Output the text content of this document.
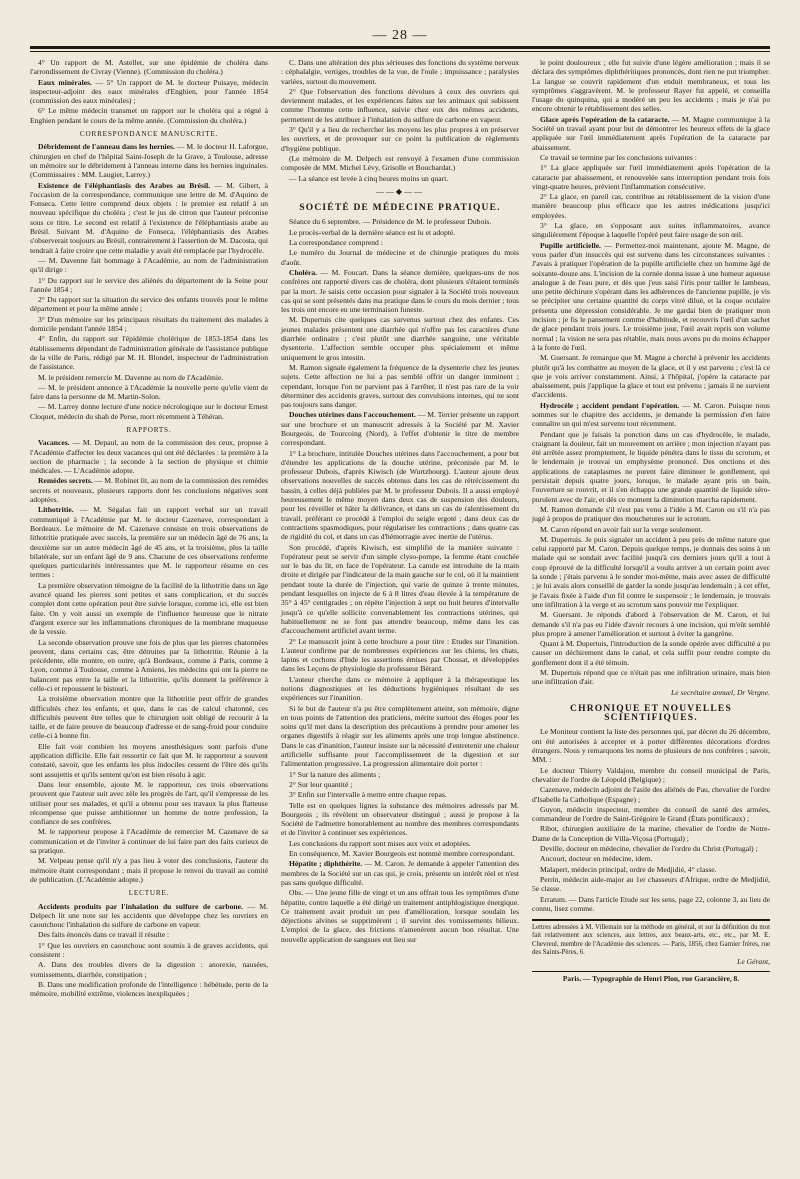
— 28 —

4° Un rapport de M. Astellet, sur une épidémie de choléra dans l'arrondissement de Civray (Vienne). (Commission du choléra.)

Eaux minérales. — 5° Un rapport de M. le docteur Puisaye, médecin inspecteur-adjoint des eaux minérales d'Enghien, pour l'année 1854 (commission des eaux minérales) ;

6° Le même médecin transmet un rapport sur le choléra qui a régné à Enghien pendant le cours de la même année. (Commission du choléra.)

CORRESPONDANCE MANUSCRITE.

Débridement de l'anneau dans les hernies. — M. le docteur H. Laforgue, chirurgien en chef de l'hôpital Saint-Joseph de la Grave, à Toulouse, adresse un mémoire sur le débridement à l'anneau interne dans les hernies inguinales. (Commissaires : MM. Laugier, Larrey.)

Existence de l'éléphantiasis des Arabes au Brésil. — M. Gibert, à l'occasion de la correspondance, communique une lettre de M. d'Aquino de Fonseca. Cette lettre comprend deux objets : le premier est relatif à un nouveau spécifique du choléra ; c'est le jus de citron que l'auteur préconise sous ce titre. Le second est relatif à l'existence de l'éléphantiasis arabe au Brésil. Suivant M. d'Aquino de Fonseca, l'éléphantiasis des Arabes s'observerait toujours au Brésil, contrairement à l'assertion de M. Dacosta, qui tendrait à faire croire que cette maladie y avait été remplacée par l'hydrocèle.

— M. Davenne fait hommage à l'Académie, au nom de l'administration qu'il dirige :

1° Du rapport sur le service des aliénés du département de la Seine pour l'année 1854 ;

2° Du rapport sur la situation du service des enfants trouvés pour le même département et pour la même année ;

3° D'un mémoire sur les principaux résultats du traitement des malades à domicile pendant l'année 1854 ;

4° Enfin, du rapport sur l'épidémie cholérique de 1853-1854 dans les établissements dépendant de l'administration générale de l'assistance publique de la ville de Paris, rédigé par M. H. Blondel, inspecteur de l'administration de l'assistance.

M. le président remercie M. Davenne au nom de l'Académie.

— M. le président annonce à l'Académie la nouvelle perte qu'elle vient de faire dans la personne de M. Martin-Solon.

— M. Larrey donne lecture d'une notice nécrologique sur le docteur Ernest Cloquet, médecin du shah de Perse, mort récemment à Téhéran.

RAPPORTS.

Vacances. — M. Depaul, au nom de la commission des ceux, propose à l'Académie d'affecter les deux vacances qui ont été déclarées : la première à la section de pharmacie ; la seconde à la section de physique et chimie médicales. — L'Académie adopte.

Remèdes secrets. — M. Robinet lit, au nom de la commission des remèdes secrets et nouveaux, plusieurs rapports dont les conclusions négatives sont adoptées.

Lithotritie. — M. Ségalas fait un rapport verbal sur un travail communiqué à l'Académie par M. le docteur Cazenave, correspondant à Bordeaux. Le mémoire de M. Cazenave consiste en trois observations de lithotritie pratiquée avec succès, la première sur un médecin âgé de 76 ans, la deuxième sur un autre médecin âgé de 45 ans, et la troisième, plus la taille bilatérale, sur un enfant âgé de 9 ans. Chacune de ces observations renferme quelques particularités intéressantes que M. le rapporteur résume en ces termes :

La première observation témoigne de la facilité de la lithotritie dans un âge avancé quand les pierres sont petites et sans complication, et du succès complet dont cette opération peut être suivie lorsque, comme ici, elle est bien faite. On y voit aussi un exemple de l'influence heureuse que le nitrate d'argent exerce sur les inflammations chroniques de la membrane muqueuse de la vessie.

La seconde observation prouve une fois de plus que les pierres chatonnées peuvent, dans certains cas, être détruites par la lithotritie. Réunie à la précédente, elle montre, en outre, qu'à Bordeaux, comme à Paris, comme à Lyon, comme à Toulouse, comme à Amiens, les médecins qui ont la pierre ne balancent pas entre la taille et la lithotritie, qu'ils donnent la préférence à celle-ci et repoussent le bistouri.

La troisième observation montre que la lithotritie peut offrir de grandes difficultés chez les enfants, et que, dans le cas de calcul chatonné, ces difficultés peuvent être telles que le chirurgien soit obligé de recourir à la taille, et de faire preuve de beaucoup d'adresse et de sang-froid pour conduire celle-ci à bonne fin.

Elle fait voir combien les moyens anesthésiques sont parfois d'une application difficile. Elle fait ressortir ce fait que M. le rapporteur a souvent constaté, savoir, que les enfants les plus indociles cessent de l'être dès qu'ils sont assujettis et qu'ils sentent qu'on est bien résolu à agir.

Dans leur ensemble, ajoute M. le rapporteur, ces trois observations prouvent que l'auteur suit avec zèle les progrès de l'art, qu'il s'empresse de les utiliser pour ses malades, et qu'il a obtenu pour ses travaux la plus flatteuse récompense que puisse ambitionner un homme de notre profession, la confiance de ses confrères.

M. le rapporteur propose à l'Académie de remercier M. Cazenave de sa communication et de l'inviter à continuer de lui faire part des faits curieux de sa pratique.

M. Velpeau pense qu'il n'y a pas lieu à voter des conclusions, l'auteur du mémoire étant correspondant ; mais il propose le renvoi du travail au comité de publication. (L'Académie adopte.)

LECTURE.

Accidents produits par l'inhalation du sulfure de carbone. — M. Delpech lit une note sur les accidents que développe chez les ouvriers en caoutchouc l'inhalation du sulfure de carbone en vapeur.

Des faits énoncés dans ce travail il résulte :

1° Que les ouvriers en caoutchouc sont soumis à de graves accidents, qui consistent :

A. Dans des troubles divers de la digestion : anorexie, nausées, vomissements, diarrhée, constipation ;

B. Dans une modification profonde de l'intelligence : hébétude, perte de la mémoire, mobilité extrême, violences inexpliquées ;

C. Dans une altération des plus sérieuses des fonctions du système nerveux : céphalalgie, vertiges, troubles de la vue, de l'ouïe ; impuissance ; paralysies variées, surtout du mouvement.

2° Que l'observation des fonctions dévolues à ceux des ouvriers qui deviennent malades, et les expériences faites sur les animaux qui subissent comme l'homme cette influence, suivie chez eux des mêmes accidents, permettent de les attribuer à l'inhalation du sulfure de carbone en vapeur.

3° Qu'il y a lieu de rechercher les moyens les plus propres à en préserver les ouvriers, et de provoquer sur ce point la publication de règlements d'hygiène publique.

(Le mémoire de M. Delpech est renvoyé à l'examen d'une commission composée de MM. Michel Lévy, Grisolle et Bouchardat.)

— La séance est levée à cinq heures moins un quart.

——◆——
SOCIÉTÉ DE MÉDECINE PRATIQUE.

Séance du 6 septembre. — Présidence de M. le professeur Dubois.

Le procès-verbal de la dernière séance est lu et adopté.

La correspondance comprend :

Le numéro du Journal de médecine et de chirurgie pratiques du mois d'août.

Choléra. — M. Foucart. Dans la séance dernière, quelques-uns de nos confrères ont rapporté divers cas de choléra, dont plusieurs s'étaient terminés par la mort. Je saisis cette occasion pour signaler à la Société trois nouveaux cas qui se sont présentés dans ma pratique dans le cours du mois dernier ; tous les trois ont encore eu une terminaison funeste.

M. Dupertuis cite quelques cas survenus surtout chez des enfants. Ces jeunes malades présentent une diarrhée qui n'offre pas les caractères d'une diarrhée ordinaire ; c'est plutôt une diarrhée sanguine, une véritable dysenterie. L'affection semble occuper plus spécialement et même uniquement le gros intestin.

M. Ramon signale également la fréquence de la dysenterie chez les jeunes sujets. Cette affection ne lui a pas semblé offrir un danger imminent ; cependant, lorsque l'on ne parvient pas à l'arrêter, il n'est pas rare de la voir déterminer des accidents graves, surtout des convulsions internes, qui ne sont pas toujours sans danger.

Douches utérines dans l'accouchement. — M. Terrier présente un rapport sur une brochure et un manuscrit adressés à la Société par M. Xavier Bourgeois, de Tourcoing (Nord), à l'effet d'obtenir le titre de membre correspondant.

1° La brochure, intitulée Douches utérines dans l'accouchement, a pour but d'étendre les applications de la douche utérine, préconisée par M. le professeur Dubois, d'après Kiwisch (de Wurtzbourg). L'auteur ajoute deux observations nouvelles de succès obtenus dans les cas de rétrécissement du bassin, à celles déjà publiées par M. le professeur Dubois. Il a aussi employé heureusement le même moyen dans deux cas de suspension des douleurs, pour les réveiller et hâter la délivrance, et dans un cas de ralentissement du travail, préférant ce procédé à l'emploi du seigle ergoté ; dans deux cas de contractions spasmodiques, pour régulariser les contractions ; dans quatre cas de rigidité du col, et dans un cas d'hémorragie avec inertie de l'utérus.

Son procédé, d'après Kiwisch, est simplifié de la manière suivante : l'opérateur peut se servir d'un simple clyso-pompe, la femme étant couchée sur le bas du lit, en face de l'opérateur. La canule est introduite de la main droite et dirigée par l'indicateur de la main gauche sur le col, où il la maintient pendant toute la durée de l'injection, qui varie de quinze à trente minutes, pendant lesquelles on injecte de 6 à 8 litres d'eau élevée à la température de 35° à 45° centigrades ; on répète l'injection à sept ou huit heures d'intervalle jusqu'à ce qu'elle sollicite convenablement les contractions utérines, qui habituellement ne se font pas attendre beaucoup, même dans les cas d'accouchement artificiel avant terme.

2° Le manuscrit joint à cette brochure a pour titre : Etudes sur l'inanition. L'auteur confirme par de nombreuses expériences sur les chiens, les chats, lapins et cochons d'Inde les assertions émises par Chossat, et développées dans les Leçons de physiologie du professeur Bérard.

L'auteur cherche dans ce mémoire à appliquer à la thérapeutique les notions diagnostiques et les déductions hygiéniques résultant de ses expériences sur l'inanition.

Si le but de l'auteur n'a pu être complètement atteint, son mémoire, digne en tous points de l'attention des praticiens, mérite surtout des éloges pour les soins qu'il met dans la description des précautions à prendre pour amener les organes digestifs à réagir sur les aliments après une trop longue abstinence. Dans le cas d'inanition, l'auteur insiste sur la nécessité d'entretenir une chaleur artificielle suffisante pour l'accomplissement de la digestion et sur l'alimentation progressive. La progression alimentaire doit porter :

1° Sur la nature des aliments ;

2° Sur leur quantité ;

3° Enfin sur l'intervalle à mettre entre chaque repas.

Telle est en quelques lignes la substance des mémoires adressés par M. Bourgeois ; ils révèlent un observateur distingué ; aussi je propose à la Société de l'admettre honorablement au nombre des membres correspondants et de l'inviter à continuer ses expériences.

Les conclusions du rapport sont mises aux voix et adoptées.

En conséquence, M. Xavier Bourgeois est nommé membre correspondant.

Hépatite ; diphthérite. — M. Caron. Je demande à appeler l'attention des membres de la Société sur un cas qui, je crois, présente un intérêt réel et n'est pas sans quelque difficulté.

Obs. — Une jeune fille de vingt et un ans offrait tous les symptômes d'une hépatite, contre laquelle a été dirigé un traitement antiphlogistique énergique. Ce traitement avait produit un peu d'amélioration, lorsque soudain les déjections alvines se supprimèrent ; il survint des vomissements bilieux. L'emploi de la glace, des frictions n'amenèrent aucun bon résultat. Une nouvelle application de sangsues eut lieu sur

le point douloureux ; elle fut suivie d'une légère amélioration ; mais il se déclara des symptômes diphthéritiques prononcés, dont rien ne put triompher. La langue se couvrit rapidement d'un enduit membraneux, et tous les symptômes s'aggravèrent. M. le professeur Rayer fut appelé, et conseilla l'usage du quinquina, qui a modéré un peu les accidents ; mais je n'ai pu encore obtenir le rétablissement des selles.

Glace après l'opération de la cataracte. — M. Magne communique à la Société un travail ayant pour but de démontrer les heureux effets de la glace appliquée sur l'œil immédiatement après l'opération de la cataracte par abaissement.

Ce travail se termine par les conclusions suivantes :

1° La glace appliquée sur l'œil immédiatement après l'opération de la cataracte par abaissement, et renouvelée sans interruption pendant trois fois vingt-quatre heures, prévient l'inflammation consécutive.

2° La glace, en pareil cas, contribue au rétablissement de la vision d'une manière beaucoup plus efficace que les autres médications jusqu'ici employées.

3° La glace, en s'opposant aux suites inflammatoires, avance singulièrement l'époque à laquelle l'opéré peut faire usage de son œil.

Pupille artificielle. — Permettez-moi maintenant, ajoute M. Magne, de vous parler d'un insuccès qui est survenu dans les circonstances suivantes : J'avais à pratiquer l'opération de la pupille artificielle chez un homme âgé de soixante-douze ans. L'incision de la cornée donna issue à une humeur aqueuse analogue à de l'eau pure, et dès que j'eus saisi l'iris pour tailler le lambeau, une petite déchirure s'opérant dans les adhérences de l'ancienne pupille, je vis se précipiter une certaine quantité du corps vitré dilué, et la coque oculaire présenta une dépression considérable. Je me gardai bien de pratiquer mon incision ; je fis le pansement comme d'habitude, et recouvris l'œil d'un sachet de glace pendant trois jours. Le troisième jour, l'œil avait repris son volume normal ; la vision ne sera pas rétablie, mais nous avons pu du moins échapper à la fonte de l'œil.

M. Guersant. Je remarque que M. Magne a cherché à prévenir les accidents plutôt qu'à les combattre au moyen de la glace, et il y est parvenu ; c'est là ce que je vois arriver constamment. Ainsi, à l'hôpital, j'opère la cataracte par abaissement, puis j'applique la glace et tout est prévenu ; jamais il ne survient d'accidents.

Hydrocèle ; accident pendant l'opération. — M. Caron. Puisque nous sommes sur le chapitre des accidents, je demande la permission d'en faire connaître un qui m'est survenu tout récemment.

Pendant que je faisais la ponction dans un cas d'hydrocèle, le malade, craignant la douleur, fait un mouvement en arrière ; mon injection n'ayant pas été arrêtée assez promptement, le liquide pénétra dans le tissu du scrotum, et le lendemain je trouvai un emphysème prononcé. Des onctions et des applications de cataplasmes ne purent faire diminuer le gonflement, qui persistait depuis quatre jours, lorsque, le malade ayant pris un bain, l'ouverture se rouvrit, et il s'en échappa une grande quantité de liquide séro-purulent avec de l'air, et dès ce moment la diminution marcha rapidement.

M. Ramon demande s'il n'est pas venu à l'idée à M. Caron ou s'il n'a pas jugé à propos de pratiquer des mouchetures sur le scrotum.

M. Caron répond en avoir fait sur la verge seulement.

M. Dupertuis. Je puis signaler un accident à peu près de même nature que celui rapporté par M. Caron. Depuis quelque temps, je donnais des soins à un malade qui se sondait avec facilité jusqu'à ces derniers jours qu'il a tout à coup éprouvé de la difficulté lorsqu'il a voulu arriver à un certain point avec la sonde ; j'étais parvenu à le sonder moi-même, mais avec assez de difficulté ; je lui avais alors conseillé de garder la sonde jusqu'au lendemain ; à cet effet, je l'avais fixée à l'aide d'un fil contre le suspensoir ; le lendemain, je trouvais une infiltration à la verge et au scrotum sans pouvoir me l'expliquer.

M. Guersant. Je réponds d'abord à l'observation de M. Caron, et lui demande s'il n'a pas eu l'idée d'avoir recours à une incision, qui m'eût semblé plus propre à amener l'amélioration et surtout à éviter la gangrène.

Quant à M. Dupertuis, l'introduction de la sonde opérée avec difficulté a pu causer un déchirement dans le canal, et cela suffit pour rendre compte du gonflement dont il a été témoin.

M. Dupertuis répond que ce n'était pas une infiltration urinaire, mais bien une infiltration d'air.

Le secrétaire annuel, Dr Vergne.

CHRONIQUE ET NOUVELLES SCIENTIFIQUES.

Le Moniteur contient la liste des personnes qui, par décret du 26 décembre, ont été autorisées à accepter et à porter différentes décorations d'ordres étrangers. Nous y remarquons les noms de plusieurs de nos confrères ; savoir, MM. :

Le docteur Thierry Valdajou, membre du conseil municipal de Paris, chevalier de l'ordre de Léopold (Belgique) ;

Cazenave, médecin adjoint de l'asile des aliénés de Pau, chevalier de l'ordre d'Isabelle la Catholique (Espagne) ;

Guyon, médecin inspecteur, membre du conseil de santé des armées, commandeur de l'ordre de Saint-Grégoire le Grand (États pontificaux) ;

Ribot, chirurgien auxiliaire de la marine, chevalier de l'ordre de Notre-Dame de la Conception de Villa-Viçosa (Portugal) ;

Deville, docteur en médecine, chevalier de l'ordre du Christ (Portugal) ;

Aucourt, docteur en médecine, idem.

Malapert, médecin principal, ordre de Medjidié, 4° classe.

Perrin, médecin aide-major au 1er chasseurs d'Afrique, ordre de Medjidié, 5e classe.

Erratum. — Dans l'article Etude sur les sens, page 22, colonne 3, au lieu de connu, lisez comme.

Lettres adressées à M. Villemain sur la méthode en général, et sur la définition du mot fait relativement aux sciences, aux lettres, aux beaux-arts, etc., etc., par M. E. Chevreul, membre de l'Académie des sciences. — Paris, 1856, chez Garnier frères, rue des Saints-Pères, 6.
Le Gérant,
Paris. — Typographie de Henri Plon, rue Garancière, 8.
